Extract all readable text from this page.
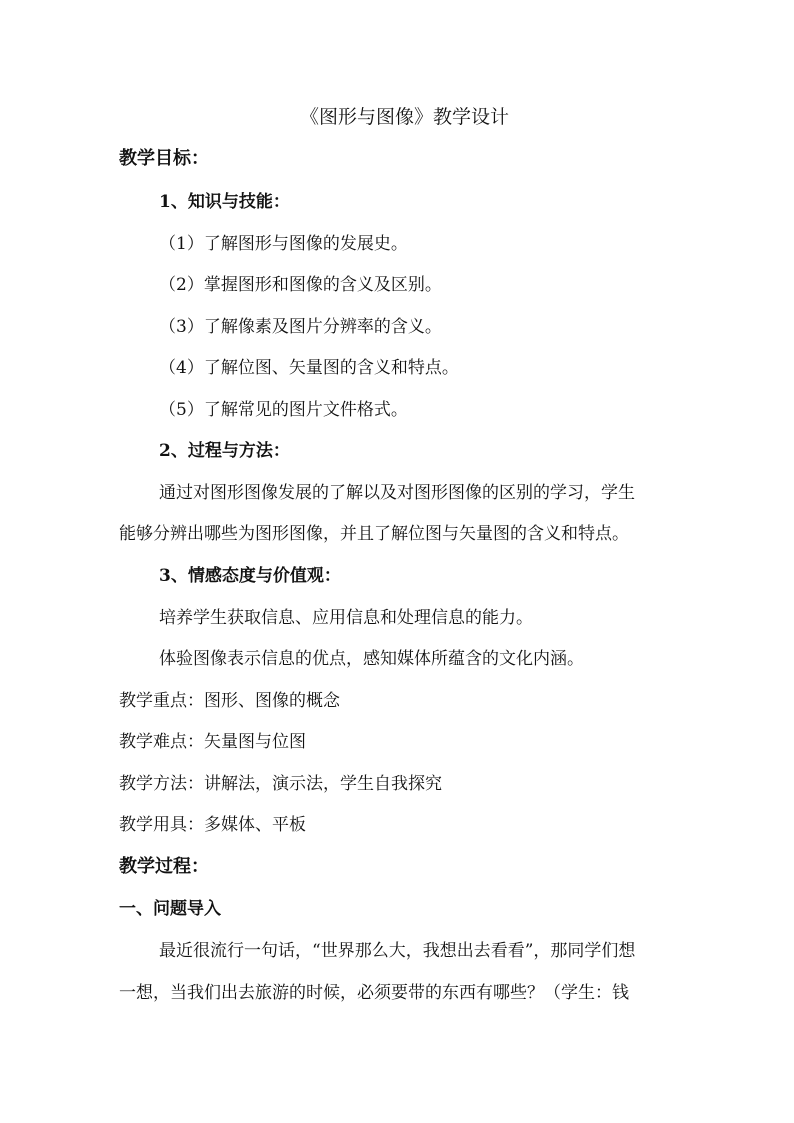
《图形与图像》教学设计
教学目标：
1、知识与技能：
（1）了解图形与图像的发展史。
（2）掌握图形和图像的含义及区别。
（3）了解像素及图片分辨率的含义。
（4）了解位图、矢量图的含义和特点。
（5）了解常见的图片文件格式。
2、过程与方法：
通过对图形图像发展的了解以及对图形图像的区别的学习，学生
能够分辨出哪些为图形图像，并且了解位图与矢量图的含义和特点。
3、情感态度与价值观：
培养学生获取信息、应用信息和处理信息的能力。
体验图像表示信息的优点，感知媒体所蕴含的文化内涵。
教学重点：图形、图像的概念
教学难点：矢量图与位图
教学方法：讲解法，演示法，学生自我探究
教学用具：多媒体、平板
教学过程：
一、问题导入
最近很流行一句话，“世界那么大，我想出去看看”，那同学们想
一想，当我们出去旅游的时候，必须要带的东西有哪些？（学生：钱
